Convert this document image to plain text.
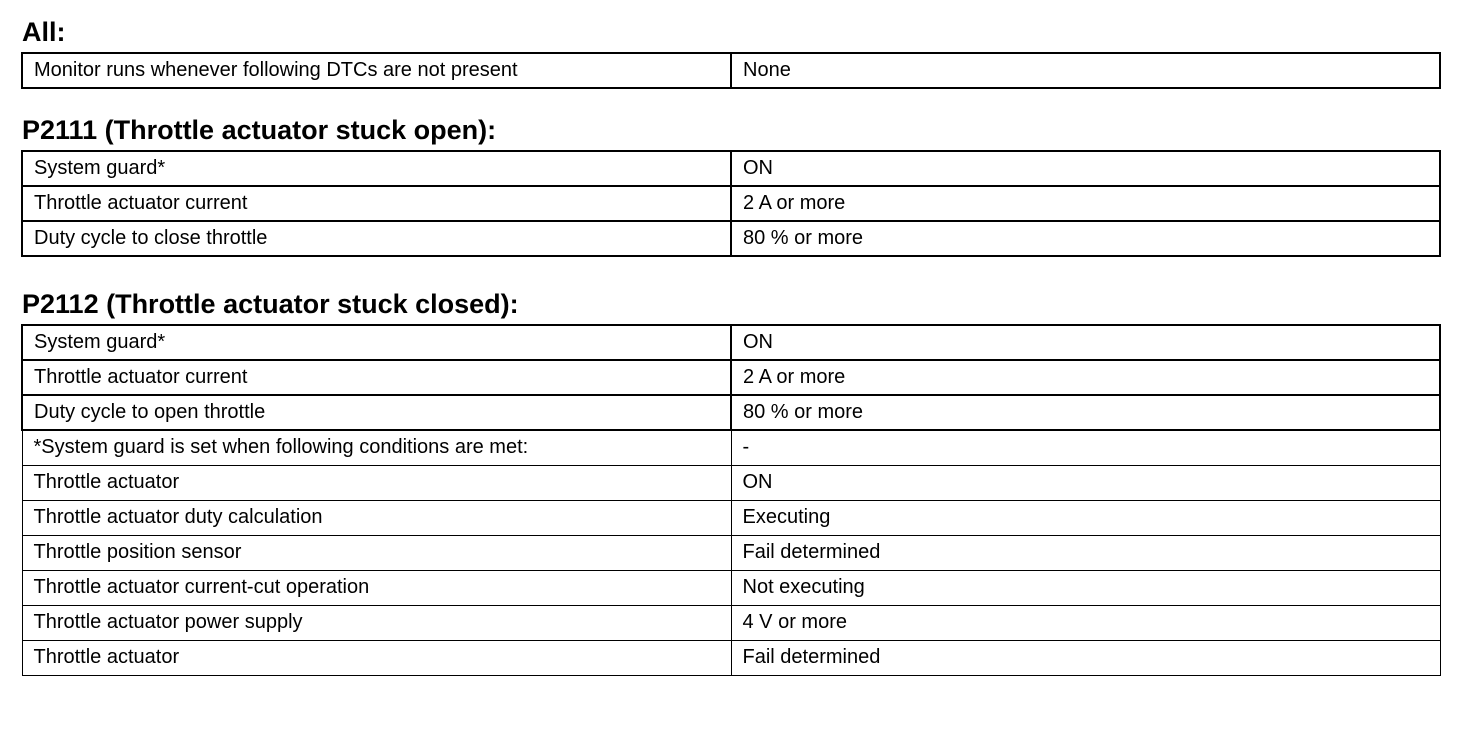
All:
Monitor runs whenever following DTCs are not present	None
P2111 (Throttle actuator stuck open):
System guard*	ON
Throttle actuator current	2 A or more
Duty cycle to close throttle	80 % or more
P2112 (Throttle actuator stuck closed):
System guard*	ON
Throttle actuator current	2 A or more
Duty cycle to open throttle	80 % or more
*System guard is set when following conditions are met:	-
Throttle actuator	ON
Throttle actuator duty calculation	Executing
Throttle position sensor	Fail determined
Throttle actuator current-cut operation	Not executing
Throttle actuator power supply	4 V or more
Throttle actuator	Fail determined
